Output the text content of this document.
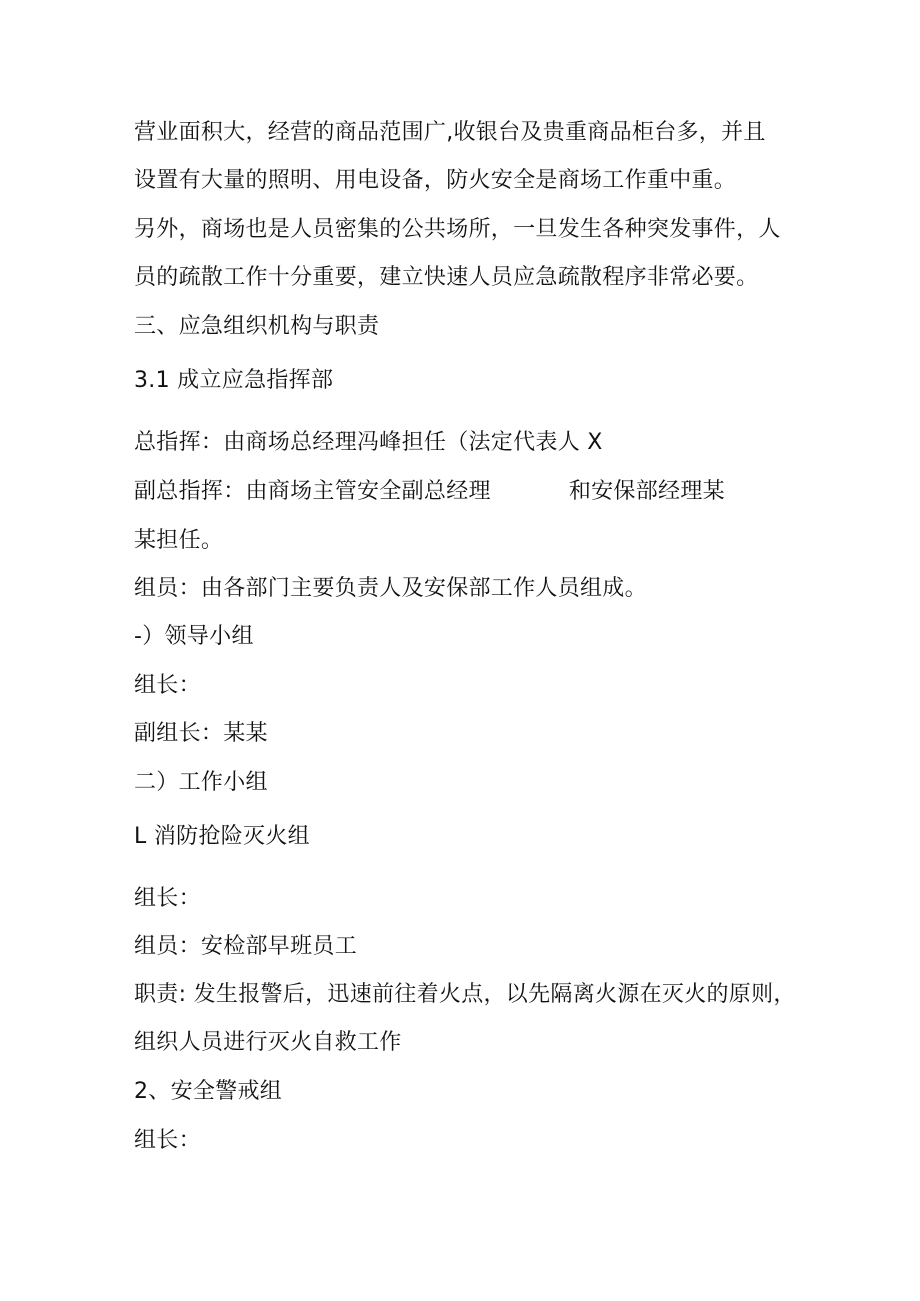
营业面积大，经营的商品范围广,收银台及贵重商品柜台多，并且
设置有大量的照明、用电设备，防火安全是商场工作重中重。
另外，商场也是人员密集的公共场所，一旦发生各种突发事件，人
员的疏散工作十分重要，建立快速人员应急疏散程序非常必要。
三、应急组织机构与职责
3.1 成立应急指挥部
总指挥：由商场总经理冯峰担任（法定代表人 X
副总指挥：由商场主管安全副总经理	和安保部经理某
某担任。
组员：由各部门主要负责人及安保部工作人员组成。
-）领导小组
组长：
副组长：某某
二）工作小组
L 消防抢险灭火组
组长：
组员：安检部早班员工
职责: 发生报警后，迅速前往着火点，以先隔离火源在灭火的原则，
组织人员进行灭火自救工作
2、安全警戒组
组长：
